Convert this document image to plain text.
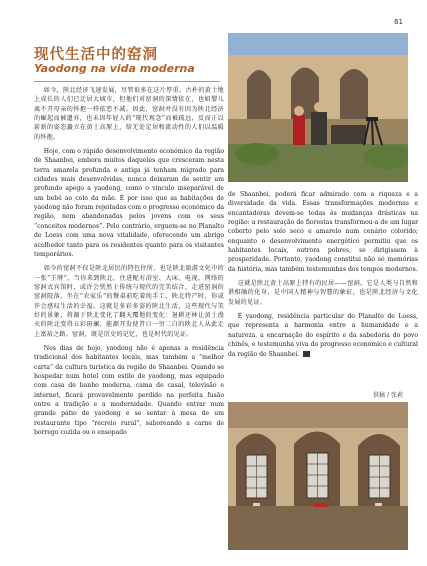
61
现代生活中的窑洞
Yaodong na vida moderna

如今，陕北经济飞速发展，尽管很多在这片厚重、古朴的黄土地上成长的人们已迁居大城市，但他们对窑洞的深情依在，也如婴儿离不开母亲的怀抱一样依恋不减。因此，窑洞并没有因为陕北经济的崛起而被遗弃，也未因年轻人的“现代观念”而被疏远，反而正以崭新的姿态矗立在黄土高原上，给无处定居和流动性的人们以温暖的怀抱。

Hoje, com o rápido desenvolvimento económico da região de Shaanbei, embora muitos daqueles que cresceram nesta terra amarela profunda e antiga já tenham migrado para cidades mais desenvolvidas, nunca deixaram de sentir um profundo apego a yaodong, como o vínculo inseparável de um bebé ao colo da mãe. É por isso que as habitações de yaodong não foram rejeitadas com o progresso económico da região, nem abandonadas pelos jovens com os seus “conceitos modernos”. Pelo contrário, erguem-se no Planalto de Loess com uma nova vitalidade, oferecendo um abrigo acolhedor tanto para os residentes quanto para os visitantes temporários.

如今的窑洞不仅是陕北居民的特色住所，也是陕北旅游文化中的一张“王牌”。当你来到陕北，住进配有浴室、大床、电视、网络的窑洞式宾馆时，或许会恍然于传统与现代的完美结合，走进窑洞的窑洞院落，坐在“农家乐”的餐桌前吃着纯手工、陕北特产时，你或许会感叹生活的幸福。这就是多彩多姿的陕北生活，这些现代与美好的景象，将源于陕北变化了翻天覆地的变化：退耕还林让黄土漫天的陕北变得五彩斑斓，能源开发使昔日一穷二白的陕北人从此走上富裕之路。窑洞，既是历史的记忆，也是时代的见证。

Nos dias de hoje, yaodong não é apenas a residência tradicional dos habitantes locais, mas também a “melhor carta” da cultura turística da região de Shaanbei. Quando se hospedar num hotel com estilo de yaodong, mas equipado com casa de banho moderna, cama de casal, televisão e internet, ficará provavelmente perdido na perfeita fusão entre a tradição e a modernidade. Quando entrar num grande pátio de yaodong e se sentar à mesa de um restaurante tipo “recreio rural”, saboreando a carne de borrego cozida ou o ensopado

de Shaanbei, poderá ficar admirado com a riqueza e a diversidade da vida. Essas transformações modernas e encantadoras devem-se todas às mudanças drásticas na região: a restauração de florestas transformou-a de um lugar coberto pelo solo seco e amarelo num cenário colorido; enquanto o desenvolvimento energético permitiu que os habitantes locais, outrora pobres, se dirigissem à prosperidade. Portanto, yaodong constitui não só memórias da história, mas também testemunhas dos tempos modernos.

这就是陕北黄土高原上特有的民居——窑洞。它是人类与自然和谐相融的化身，是中国人精神与智慧的象征，也是陕北经济与文化发展的见证。

É yaodong, residência particular do Planalto de Loess, que representa a harmonia entre a humanidade e a natureza, a encarnação do espírito e da sabedoria do povo chinês, e testemunha viva do progresso económico e cultural da região de Shaanbei.	M

供稿 / 张莉
